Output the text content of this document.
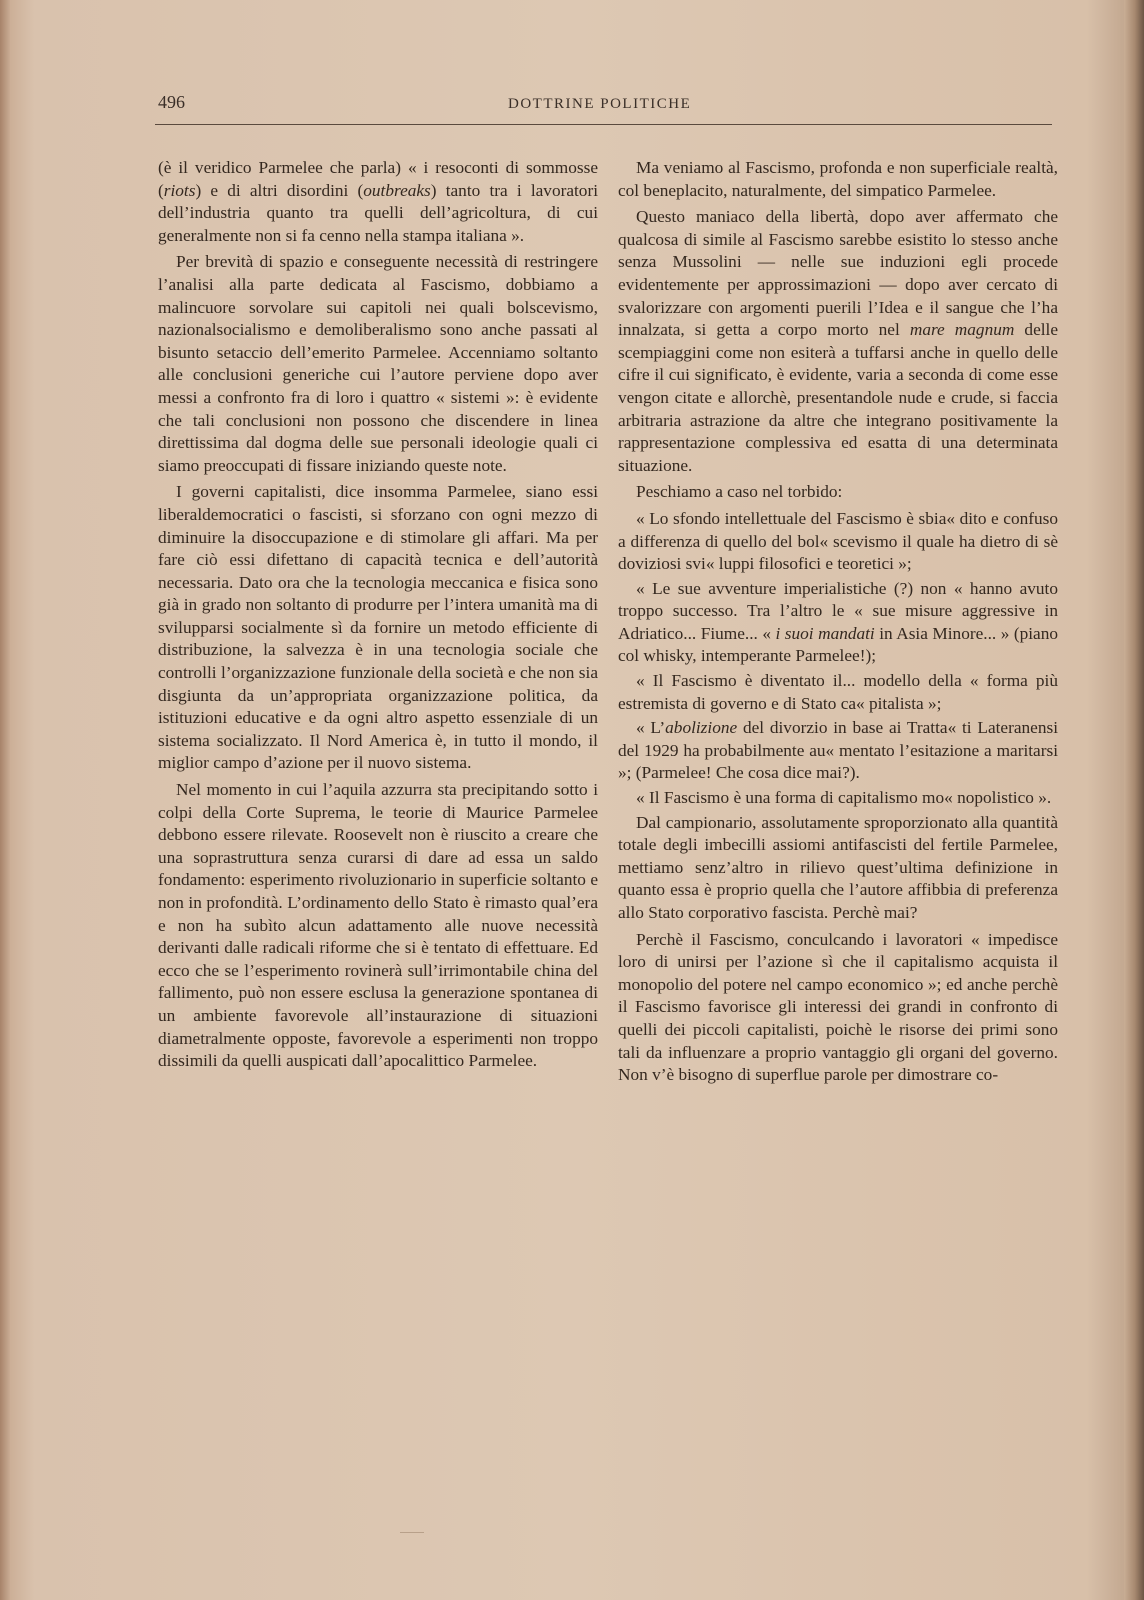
496	DOTTRINE POLITICHE

(è il veridico Parmelee che parla) « i resoconti di sommosse (riots) e di altri disordini (outbreaks) tanto tra i lavoratori dell’industria quanto tra quelli dell’agricoltura, di cui generalmente non si fa cenno nella stampa italiana ».

Per brevità di spazio e conseguente necessità di restringere l’analisi alla parte dedicata al Fascismo, dobbiamo a malincuore sorvolare sui capitoli nei quali bolscevismo, nazionalsocialismo e demoliberalismo sono anche passati al bisunto setaccio dell’emerito Parmelee. Accenniamo soltanto alle conclusioni generiche cui l’autore perviene dopo aver messi a confronto fra di loro i quattro « sistemi »: è evidente che tali conclusioni non possono che discendere in linea direttissima dal dogma delle sue personali ideologie quali ci siamo preoccupati di fissare iniziando queste note.

I governi capitalisti, dice insomma Parmelee, siano essi liberaldemocratici o fascisti, si sforzano con ogni mezzo di diminuire la disoccupazione e di stimolare gli affari. Ma per fare ciò essi difettano di capacità tecnica e dell’autorità necessaria. Dato ora che la tecnologia meccanica e fisica sono già in grado non soltanto di produrre per l’intera umanità ma di svilupparsi socialmente sì da fornire un metodo efficiente di distribuzione, la salvezza è in una tecnologia sociale che controlli l’organizzazione funzionale della società e che non sia disgiunta da un’appropriata organizzazione politica, da istituzioni educative e da ogni altro aspetto essenziale di un sistema socializzato. Il Nord America è, in tutto il mondo, il miglior campo d’azione per il nuovo sistema.

Nel momento in cui l’aquila azzurra sta precipitando sotto i colpi della Corte Suprema, le teorie di Maurice Parmelee debbono essere rilevate. Roosevelt non è riuscito a creare che una soprastruttura senza curarsi di dare ad essa un saldo fondamento: esperimento rivoluzionario in superficie soltanto e non in profondità. L’ordinamento dello Stato è rimasto qual’era e non ha subìto alcun adattamento alle nuove necessità derivanti dalle radicali riforme che si è tentato di effettuare. Ed ecco che se l’esperimento rovinerà sull’irrimontabile china del fallimento, può non essere esclusa la generazione spontanea di un ambiente favorevole all’instaurazione di situazioni diametralmente opposte, favorevole a esperimenti non troppo dissimili da quelli auspicati dall’apocalittico Parmelee.

Ma veniamo al Fascismo, profonda e non superficiale realtà, col beneplacito, naturalmente, del simpatico Parmelee.

Questo maniaco della libertà, dopo aver affermato che qualcosa di simile al Fascismo sarebbe esistito lo stesso anche senza Mussolini — nelle sue induzioni egli procede evidentemente per approssimazioni — dopo aver cercato di svalorizzare con argomenti puerili l’Idea e il sangue che l’ha innalzata, si getta a corpo morto nel mare magnum delle scempiaggini come non esiterà a tuffarsi anche in quello delle cifre il cui significato, è evidente, varia a seconda di come esse vengon citate e allorchè, presentandole nude e crude, si faccia arbitraria astrazione da altre che integrano positivamente la rappresentazione complessiva ed esatta di una determinata situazione.

Peschiamo a caso nel torbido:

« Lo sfondo intellettuale del Fascismo è sbia« dito e confuso a differenza di quello del bol« scevismo il quale ha dietro di sè doviziosi svi« luppi filosofici e teoretici »;

« Le sue avventure imperialistiche (?) non « hanno avuto troppo successo. Tra l’altro le « sue misure aggressive in Adriatico... Fiume... « i suoi mandati in Asia Minore... » (piano col whisky, intemperante Parmelee!);

« Il Fascismo è diventato il... modello della « forma più estremista di governo e di Stato ca« pitalista »;

« L’abolizione del divorzio in base ai Tratta« ti Lateranensi del 1929 ha probabilmente au« mentato l’esitazione a maritarsi »; (Parmelee! Che cosa dice mai?).

« Il Fascismo è una forma di capitalismo mo« nopolistico ».

Dal campionario, assolutamente sproporzionato alla quantità totale degli imbecilli assiomi antifascisti del fertile Parmelee, mettiamo senz’altro in rilievo quest’ultima definizione in quanto essa è proprio quella che l’autore affibbia di preferenza allo Stato corporativo fascista. Perchè mai?

Perchè il Fascismo, conculcando i lavoratori « impedisce loro di unirsi per l’azione sì che il capitalismo acquista il monopolio del potere nel campo economico »; ed anche perchè il Fascismo favorisce gli interessi dei grandi in confronto di quelli dei piccoli capitalisti, poichè le risorse dei primi sono tali da influenzare a proprio vantaggio gli organi del governo. Non v’è bisogno di superflue parole per dimostrare co-
